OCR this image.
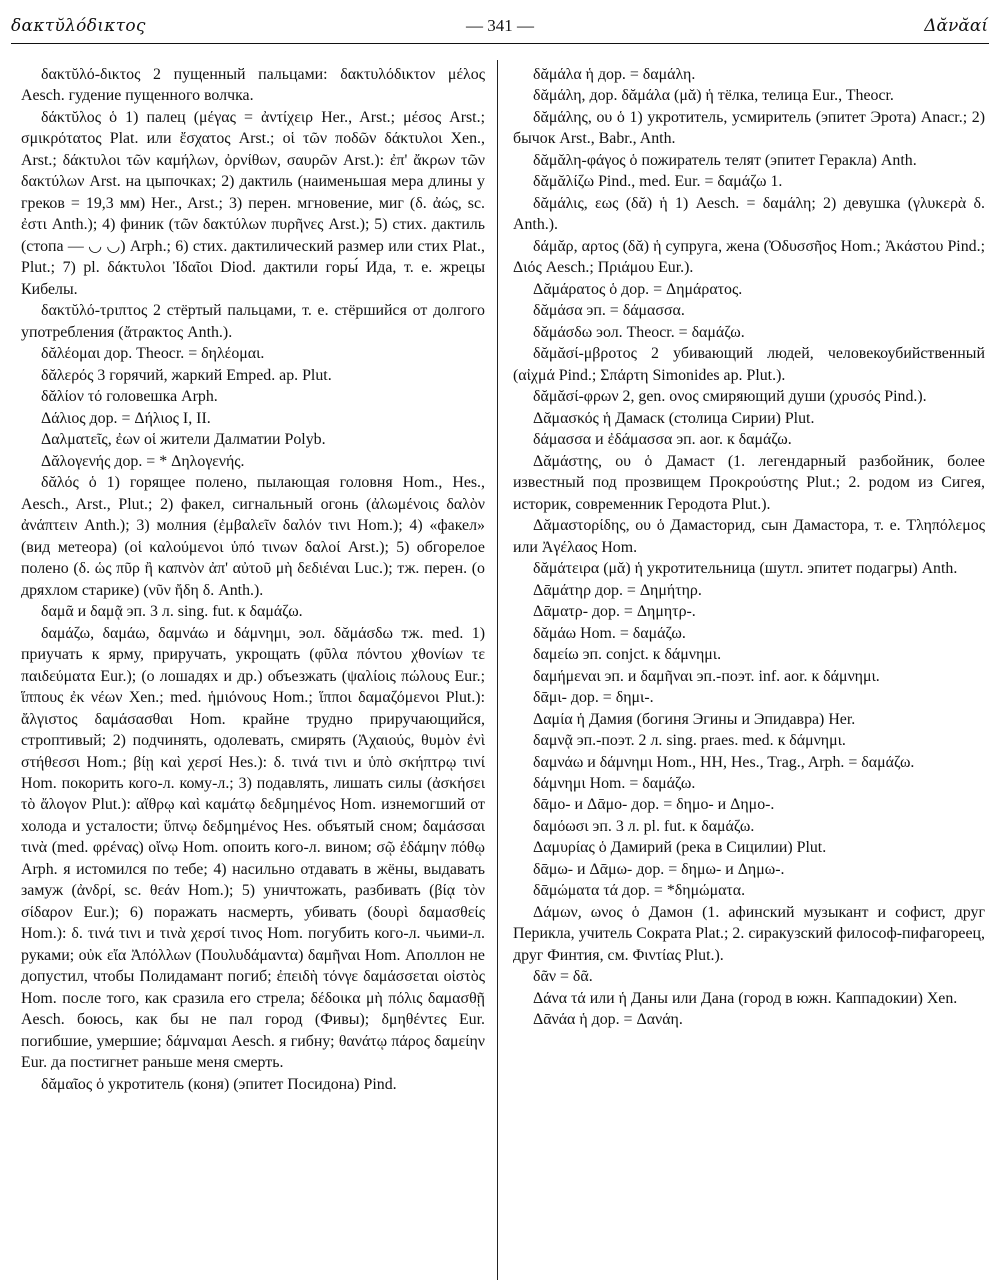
δακτῠλόδικτος	— 341 —	Δᾰνᾰαί

δακτῠλό-δικτος 2 пущенный пальцами: δακτυλόδικτον μέλος Aesch. гудение пущенного волчка.

δάκτῠλος ὁ 1) палец (μέγας = ἀντίχειρ Her., Arst.; μέσος Arst.; σμικρότατος Plat. или ἔσχατος Arst.; οἱ τῶν ποδῶν δάκτυλοι Xen., Arst.; δάκτυλοι τῶν καμήλων, ὀρνίθων, σαυρῶν Arst.): ἐπ' ἄκρων τῶν δακτύλων Arst. на цыпочках; 2) дактиль (наименьшая мера длины у греков = 19,3 мм) Her., Arst.; 3) перен. мгновение, миг (δ. ἀώς, sc. ἐστι Anth.); 4) финик (τῶν δακτύλων πυρῆνες Arst.); 5) стих. дактиль (стопа — ◡ ◡) Arph.; 6) стих. дактилический размер или стих Plat., Plut.; 7) pl. δάκτυλοι Ἰδαῖοι Diod. дактили горы́ Ида, т. е. жрецы Кибелы.

δακτῠλό-τριπτος 2 стёртый пальцами, т. е. стёршийся от долгого употребления (ἄτρακτος Anth.).

δᾰλέομαι дор. Theocr. = δηλέομαι.

δᾰλερός 3 горячий, жаркий Emped. ap. Plut.

δᾰλίον τό головешка Arph.

Δάλιος дор. = Δήλιος I, II.

Δαλματεῖς, ἐων οἱ жители Далматии Polyb.

Δᾰλογενής дор. = * Δηλογενής.

δᾰλός ὁ 1) горящее полено, пылающая головня Hom., Hes., Aesch., Arst., Plut.; 2) факел, сигнальный огонь (ἀλωμένοις δαλὸν ἀνάπτειν Anth.); 3) молния (ἐμβαλεῖν δαλόν τινι Hom.); 4) «факел» (вид метеора) (οἱ καλούμενοι ὑπό τινων δαλοί Arst.); 5) обгорелое полено (δ. ὡς πῦρ ἢ καπνὸν ἀπ' αὐτοῦ μὴ δεδιέναι Luc.); тж. перен. (о дряхлом старике) (νῦν ἤδη δ. Anth.).

δαμᾶ и δαμᾷ эп. 3 л. sing. fut. к δαμάζω.

δαμάζω, δαμάω, δαμνάω и δάμνημι, эол. δᾰμάσδω тж. med. 1) приучать к ярму, приручать, укрощать (φῦλα πόντου χθονίων τε παιδεύματα Eur.); (о лошадях и др.) объезжать (ψαλίοις πώλους Eur.; ἵππους ἐκ νέων Xen.; med. ἡμιόνους Hom.; ἵπποι δαμαζόμενοι Plut.): ἄλγιστος δαμάσασθαι Hom. крайне трудно приручающийся, строптивый; 2) подчинять, одолевать, смирять (Ἀχαιούς, θυμὸν ἐνὶ στήθεσσι Hom.; βίῃ καὶ χερσί Hes.): δ. τινά τινι и ὑπὸ σκήπτρῳ τινί Hom. покорить кого-л. кому-л.; 3) подавлять, лишать силы (ἀσκήσει τὸ ἄλογον Plut.): αἴθρῳ καὶ καμάτῳ δεδμημένος Hom. изнемогший от холода и усталости; ὕπνῳ δεδμημένος Hes. объятый сном; δαμάσσαι τινὰ (med. φρένας) οἴνῳ Hom. опоить кого-л. вином; σῷ ἐδάμην πόθῳ Arph. я истомился по тебе; 4) насильно отдавать в жёны, выдавать замуж (ἀνδρί, sc. θεάν Hom.); 5) уничтожать, разбивать (βίᾳ τὸν σίδαρον Eur.); 6) поражать насмерть, убивать (δουρὶ δαμασθείς Hom.): δ. τινά τινι и τινὰ χερσί τινος Hom. погубить кого-л. чьими-л. руками; οὐκ εἴα Ἀπόλλων (Πουλυδάμαντα) δαμῆναι Hom. Аполлон не допустил, чтобы Полидамант погиб; ἐπειδὴ τόνγε δαμάσσεται οἰστὸς Hom. после того, как сразила его стрела; δέδοικα μὴ πόλις δαμασθῇ Aesch. боюсь, как бы не пал город (Фивы); δμηθέντες Eur. погибшие, умершие; δάμναμαι Aesch. я гибну; θανάτῳ πάρος δαμείην Eur. да постигнет раньше меня смерть.

δᾰμαῖος ὁ укротитель (коня) (эпитет Посидона) Pind.

δᾰμάλα ἡ дор. = δαμάλη.

δᾰμάλη, дор. δᾰμάλα (μᾰ) ἡ тёлка, телица Eur., Theocr.

δᾰμάλης, ου ὁ 1) укротитель, усмиритель (эпитет Эрота) Anacr.; 2) бычок Arst., Babr., Anth.

δᾰμᾰλη-φάγος ὁ пожиратель телят (эпитет Геракла) Anth.

δᾰμᾰλίζω Pind., med. Eur. = δαμάζω 1.

δᾰμάλις, εως (δᾰ) ἡ 1) Aesch. = δαμάλη; 2) девушка (γλυκερὰ δ. Anth.).

δάμᾰρ, αρτος (δᾰ) ἡ супруга, жена (Ὀδυσσῆος Hom.; Ἀκάστου Pind.; Διός Aesch.; Πριάμου Eur.).

Δᾰμάρατος ὁ дор. = Δημάρατος.

δᾰμάσα эп. = δάμασσα.

δᾰμάσδω эол. Theocr. = δαμάζω.

δᾰμᾰσί-μβροτος 2 убивающий людей, человекоубийственный (αἰχμά Pind.; Σπάρτη Simonides ap. Plut.).

δᾰμᾰσί-φρων 2, gen. ονος смиряющий души (χρυσός Pind.).

Δᾰμασκός ἡ Дамаск (столица Сирии) Plut.

δάμασσα и ἐδάμασσα эп. aor. к δαμάζω.

Δᾰμάστης, ου ὁ Дамаст (1. легендарный разбойник, более известный под прозвищем Προκρούστης Plut.; 2. родом из Сигея, историк, современник Геродота Plut.).

Δᾰμαστορίδης, ου ὁ Дамасторид, сын Дамастора, т. е. Τληπόλεμος или Ἀγέλαος Hom.

δᾰμάτειρα (μᾰ) ἡ укротительница (шутл. эпитет подагры) Anth.

Δᾱμάτηρ дор. = Δημήτηρ.

Δᾱματρ- дор. = Δημητρ-.

δᾰμάω Hom. = δαμάζω.

δαμείω эп. conjct. к δάμνημι.

δαμήμεναι эп. и δαμῆναι эп.-поэт. inf. aor. к δάμνημι.

δᾱμι- дор. = δημι-.

Δαμία ἡ Дамия (богиня Эгины и Эпидавра) Her.

δαμνᾷ эп.-поэт. 2 л. sing. praes. med. к δάμνημι.

δαμνάω и δάμνημι Hom., HH, Hes., Trag., Arph. = δαμάζω.

δάμνημι Hom. = δαμάζω.

δᾱμο- и Δᾱμο- дор. = δημο- и Δημο-.

δαμόωσι эп. 3 л. pl. fut. к δαμάζω.

Δαμυρίας ὁ Дамирий (река в Сицилии) Plut.

δᾱμω- и Δᾱμω- дор. = δημω- и Δημω-.

δᾱμώματα τά дор. = *δημώματα.

Δάμων, ωνος ὁ Дамон (1. афинский музыкант и софист, друг Перикла, учитель Сократа Plat.; 2. сиракузский философ-пифагореец, друг Финтия, см. Φιντίας Plut.).

δᾶν = δᾶ.

Δάνα τά или ἡ Даны или Дана (город в южн. Каппадокии) Xen.

Δᾱνάα ἡ дор. = Δανάη.
